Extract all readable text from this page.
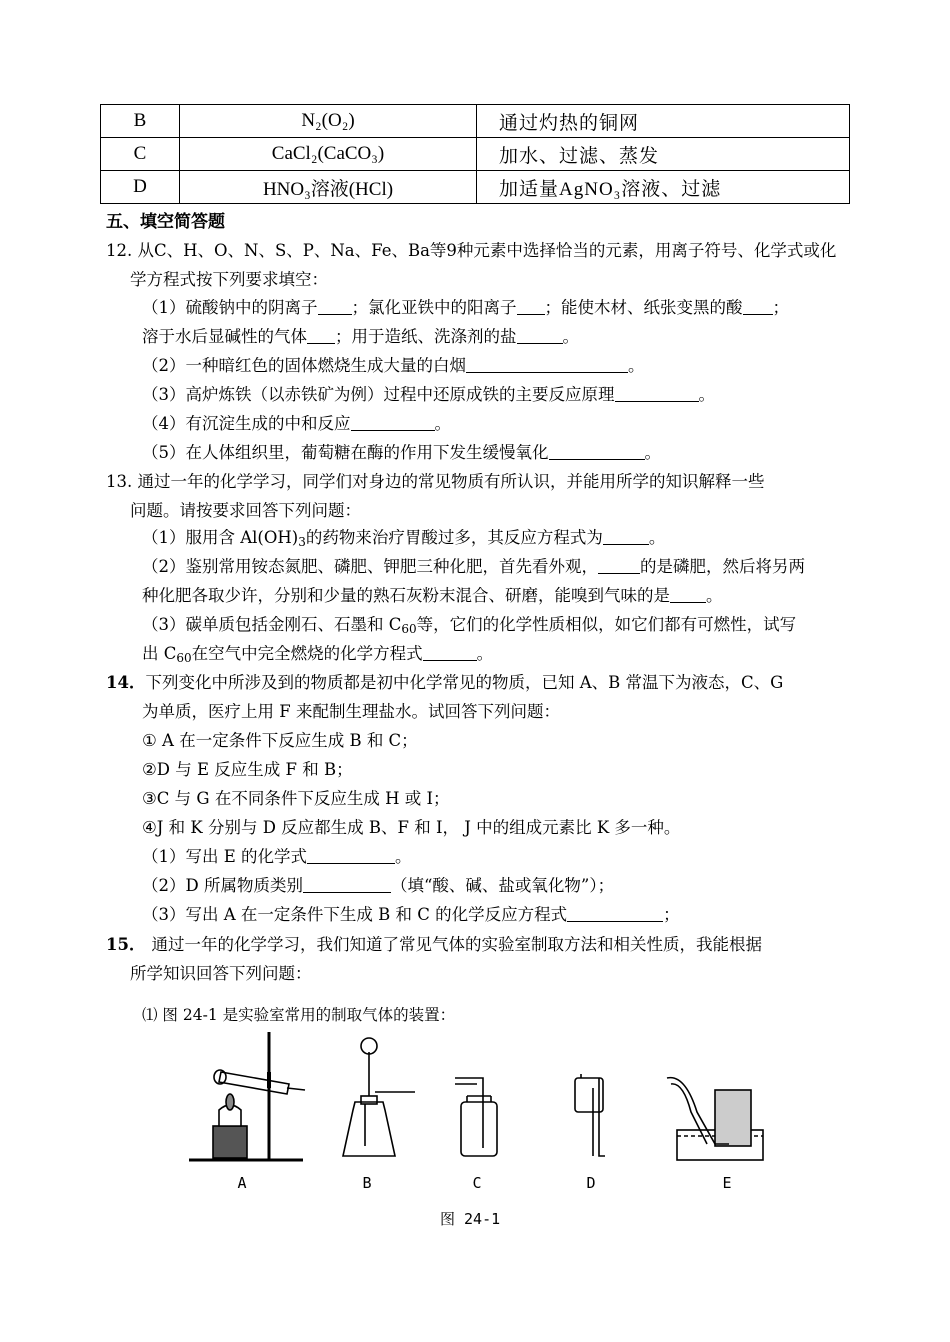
B	N₂(O₂)	通过灼热的铜网
C	CaCl₂(CaCO₃)	加水、过滤、蒸发
D	HNO₃溶液(HCl)	加适量AgNO₃溶液、过滤
五、填空简答题
12. 从C、H、O、N、S、P、Na、Fe、Ba等9种元素中选择恰当的元素，用离子符号、化学式或化
学方程式按下列要求填空：
（1）硫酸钠中的阴离子 ；氯化亚铁中的阳离子 ；能使木材、纸张变黑的酸 ；
溶于水后显碱性的气体 ；用于造纸、洗涤剂的盐	。
（2）一种暗红色的固体燃烧生成大量的白烟	。
（3）高炉炼铁（以赤铁矿为例）过程中还原成铁的主要反应原理	。
（4）有沉淀生成的中和反应	。
（5）在人体组织里，葡萄糖在酶的作用下发生缓慢氧化	。
13. 通过一年的化学学习，同学们对身边的常见物质有所认识，并能用所学的知识解释一些
问题。请按要求回答下列问题：
（1）服用含 $Al(OH)_3$的药物来治疗胃酸过多，其反应方程式为	。
（2）鉴别常用铵态氮肥、磷肥、钾肥三种化肥，首先看外观，	的是磷肥，然后将另两
种化肥各取少许，分别和少量的熟石灰粉末混合、研磨，能嗅到气味的是 。
（3）碳单质包括金刚石、石墨和 $C_{60}$等，它们的化学性质相似，如它们都有可燃性，试写
出 $C_{60}$在空气中完全燃烧的化学方程式	。
14．下列变化中所涉及到的物质都是初中化学常见的物质，已知 A、B 常温下为液态，C、G
为单质，医疗上用 F 来配制生理盐水。试回答下列问题：
① A 在一定条件下反应生成 B 和 C；
②D 与 E 反应生成 F 和 B；
③C 与 G 在不同条件下反应生成 H 或 I；
④J 和 K 分别与 D 反应都生成 B、F 和 I， J 中的组成元素比 K 多一种。
（1）写出 E 的化学式	。
（2）D 所属物质类别	（填“酸、碱、盐或氧化物”）；
（3）写出 A 在一定条件下生成 B 和 C 的化学反应方程式	；
15． 通过一年的化学学习，我们知道了常见气体的实验室制取方法和相关性质，我能根据
所学知识回答下列问题：
⑴ 图 24-1 是实验室常用的制取气体的装置：
A	B	C	D	E
图 24-1
